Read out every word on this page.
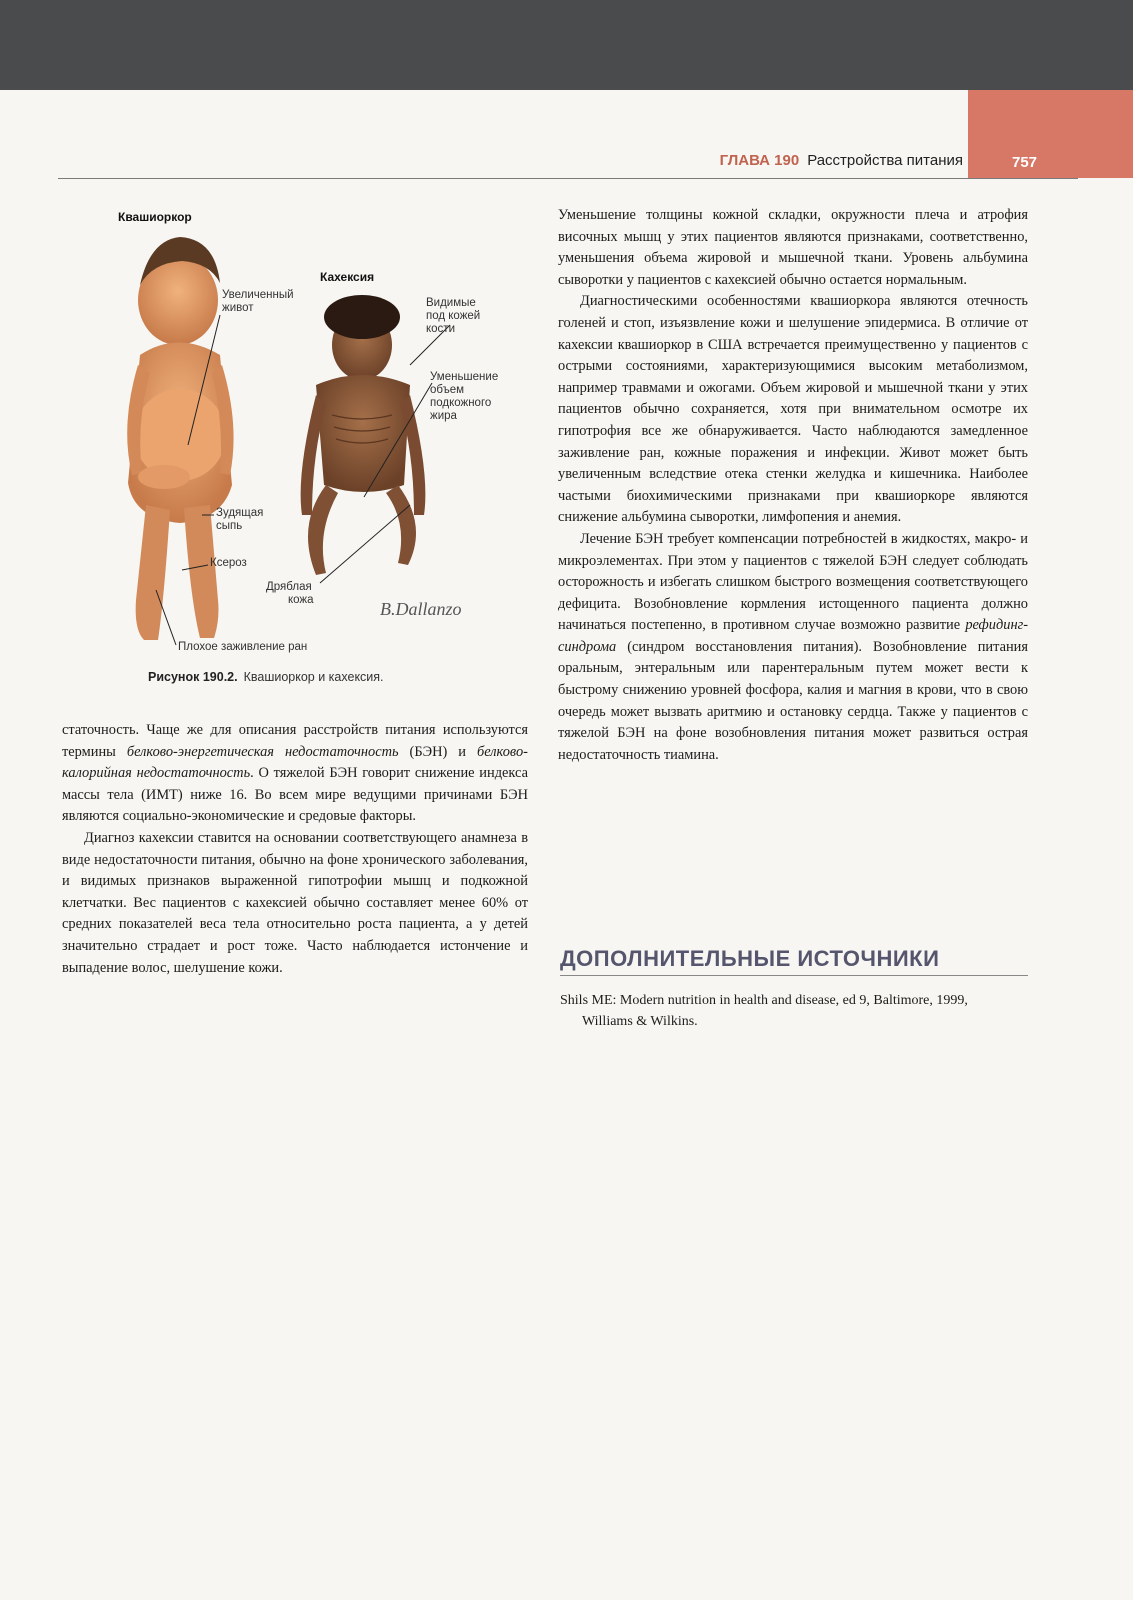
757
ГЛАВА 190 Расстройства питания
B.Dallanzo
Квашиоркор
Кахексия
Увеличенный
живот	Видимые
под кожей
кости
Уменьшение
объем
подкожного
жира
Зудящая
сыпь
Ксероз
Дряблая
кожа
Плохое заживление ран
Рисунок 190.2. Квашиоркор и кахексия.

статочность. Чаще же для описания расстройств питания используются термины белково-энергетическая недостаточность (БЭН) и белково-калорийная недостаточность. О тяжелой БЭН говорит снижение индекса массы тела (ИМТ) ниже 16. Во всем мире ведущими причинами БЭН являются социально-экономические и средовые факторы.

Диагноз кахексии ставится на основании соответствующего анамнеза в виде недостаточности питания, обычно на фоне хронического заболевания, и видимых признаков выраженной гипотрофии мышц и подкожной клетчатки. Вес пациентов с кахексией обычно составляет менее 60% от средних показателей веса тела относительно роста пациента, а у детей значительно страдает и рост тоже. Часто наблюдается истончение и выпадение волос, шелушение кожи.

Уменьшение толщины кожной складки, окружности плеча и атрофия височных мышц у этих пациентов являются признаками, соответственно, уменьшения объема жировой и мышечной ткани. Уровень альбумина сыворотки у пациентов с кахексией обычно остается нормальным.

Диагностическими особенностями квашиоркора являются отечность голеней и стоп, изъязвление кожи и шелушение эпидермиса. В отличие от кахексии квашиоркор в США встречается преимущественно у пациентов с острыми состояниями, характеризующимися высоким метаболизмом, например травмами и ожогами. Объем жировой и мышечной ткани у этих пациентов обычно сохраняется, хотя при внимательном осмотре их гипотрофия все же обнаруживается. Часто наблюдаются замедленное заживление ран, кожные поражения и инфекции. Живот может быть увеличенным вследствие отека стенки желудка и кишечника. Наиболее частыми биохимическими признаками при квашиоркоре являются снижение альбумина сыворотки, лимфопения и анемия.

Лечение БЭН требует компенсации потребностей в жидкостях, макро- и микроэлементах. При этом у пациентов с тяжелой БЭН следует соблюдать осторожность и избегать слишком быстрого возмещения соответствующего дефицита. Возобновление кормления истощенного пациента должно начинаться постепенно, в противном случае возможно развитие рефидинг-синдрома (синдром восстановления питания). Возобновление питания оральным, энтеральным или парентеральным путем может вести к быстрому снижению уровней фосфора, калия и магния в крови, что в свою очередь может вызвать аритмию и остановку сердца. Также у пациентов с тяжелой БЭН на фоне возобновления питания может развиться острая недостаточность тиамина.

ДОПОЛНИТЕЛЬНЫЕ ИСТОЧНИКИ
Shils ME: Modern nutrition in health and disease, ed 9, Baltimore, 1999,
Williams & Wilkins.
